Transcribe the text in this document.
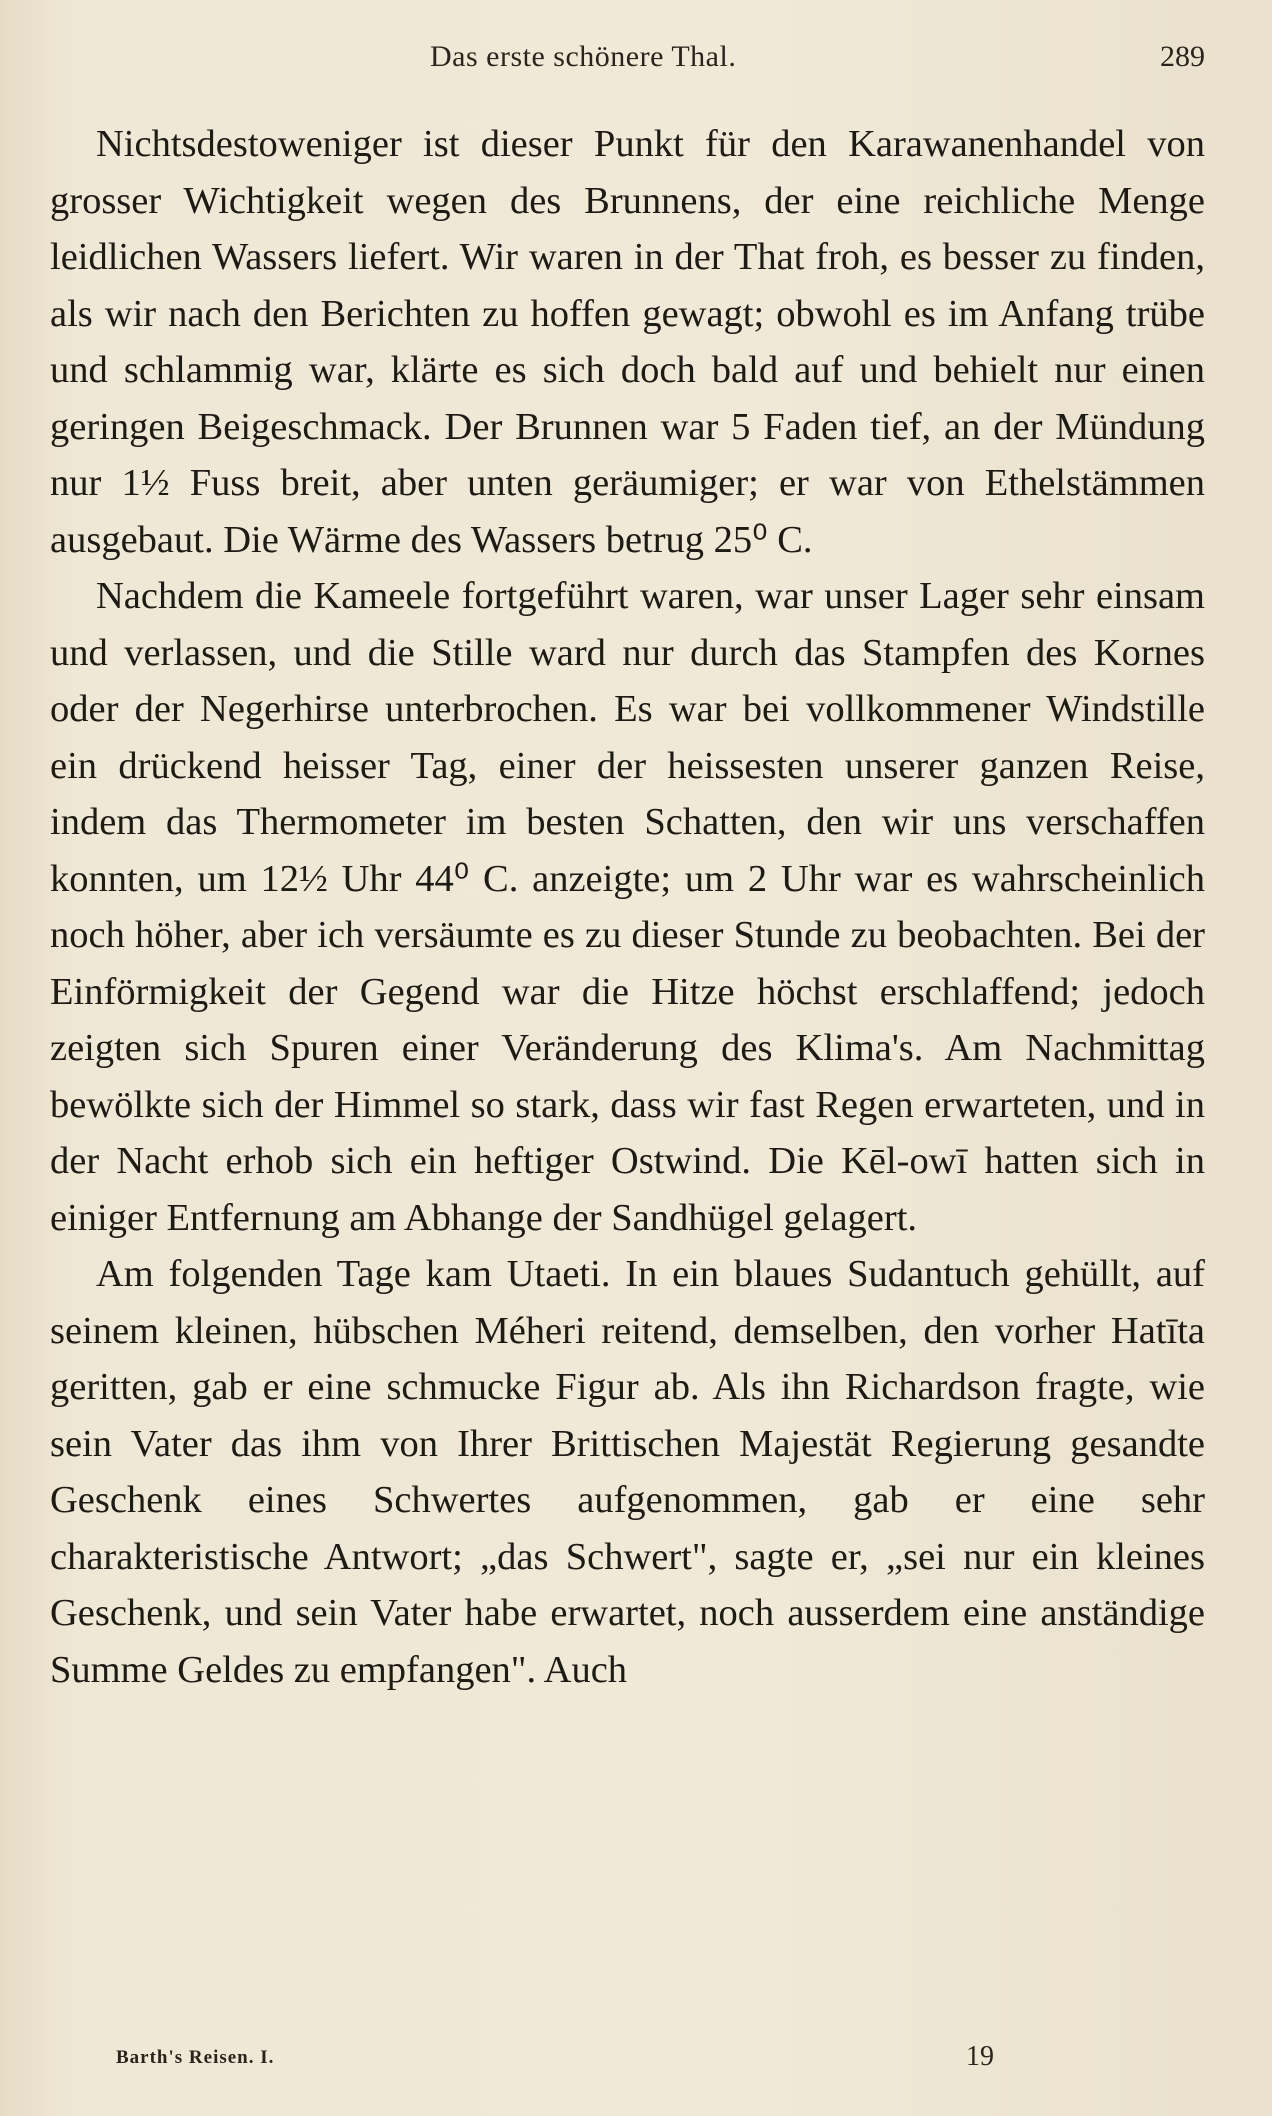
Das erste schönere Thal.	289

Nichtsdestoweniger ist dieser Punkt für den Karawanenhandel von grosser Wichtigkeit wegen des Brunnens, der eine reichliche Menge leidlichen Wassers liefert. Wir waren in der That froh, es besser zu finden, als wir nach den Berichten zu hoffen gewagt; obwohl es im Anfang trübe und schlammig war, klärte es sich doch bald auf und behielt nur einen geringen Beigeschmack. Der Brunnen war 5 Faden tief, an der Mündung nur 1½ Fuss breit, aber unten geräumiger; er war von Ethelstämmen ausgebaut. Die Wärme des Wassers betrug 25⁰ C.

Nachdem die Kameele fortgeführt waren, war unser Lager sehr einsam und verlassen, und die Stille ward nur durch das Stampfen des Kornes oder der Negerhirse unterbrochen. Es war bei vollkommener Windstille ein drückend heisser Tag, einer der heissesten unserer ganzen Reise, indem das Thermometer im besten Schatten, den wir uns verschaffen konnten, um 12½ Uhr 44⁰ C. anzeigte; um 2 Uhr war es wahrscheinlich noch höher, aber ich versäumte es zu dieser Stunde zu beobachten. Bei der Einförmigkeit der Gegend war die Hitze höchst erschlaffend; jedoch zeigten sich Spuren einer Veränderung des Klima's. Am Nachmittag bewölkte sich der Himmel so stark, dass wir fast Regen erwarteten, und in der Nacht erhob sich ein heftiger Ostwind. Die Kēl-owī hatten sich in einiger Entfernung am Abhange der Sandhügel gelagert.

Am folgenden Tage kam Utaeti. In ein blaues Sudantuch gehüllt, auf seinem kleinen, hübschen Méheri reitend, demselben, den vorher Hatīta geritten, gab er eine schmucke Figur ab. Als ihn Richardson fragte, wie sein Vater das ihm von Ihrer Brittischen Majestät Regierung gesandte Geschenk eines Schwertes aufgenommen, gab er eine sehr charakteristische Antwort; „das Schwert", sagte er, „sei nur ein kleines Geschenk, und sein Vater habe erwartet, noch ausserdem eine anständige Summe Geldes zu empfangen". Auch

Barth's Reisen. I.	19
